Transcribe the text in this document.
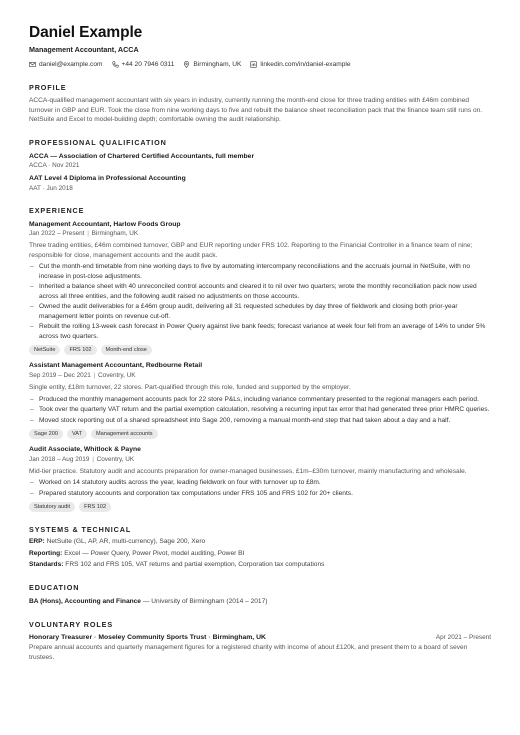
Daniel Example
Management Accountant, ACCA
daniel@example.com	+44 20 7946 0311	Birmingham, UK	linkedin.com/in/daniel-example
PROFILE
ACCA-qualified management accountant with six years in industry, currently running the month-end close for three trading entities with £46m combined turnover in GBP and EUR. Took the close from nine working days to five and rebuilt the balance sheet reconciliation pack that the finance team still runs on. NetSuite and Excel to model-building depth; comfortable owning the audit relationship.
PROFESSIONAL QUALIFICATION
ACCA — Association of Chartered Certified Accountants, full member
ACCA · Nov 2021
AAT Level 4 Diploma in Professional Accounting
AAT · Jun 2018
EXPERIENCE
Management Accountant, Harlow Foods Group
Jan 2022 – Present | Birmingham, UK
Three trading entities, £46m combined turnover, GBP and EUR reporting under FRS 102. Reporting to the Financial Controller in a finance team of nine; responsible for close, management accounts and the audit pack.
– Cut the month-end timetable from nine working days to five by automating intercompany reconciliations and the accruals journal in NetSuite, with no increase in post-close adjustments.
– Inherited a balance sheet with 40 unreconciled control accounts and cleared it to nil over two quarters; wrote the monthly reconciliation pack now used across all three entities, and the following audit raised no adjustments on those accounts.
– Owned the audit deliverables for a £46m group audit, delivering all 31 requested schedules by day three of fieldwork and closing both prior-year management letter points on revenue cut-off.
– Rebuilt the rolling 13-week cash forecast in Power Query against live bank feeds; forecast variance at week four fell from an average of 14% to under 5% across two quarters.
NetSuite	FRS 102	Month-end close
Assistant Management Accountant, Redbourne Retail
Sep 2019 – Dec 2021 | Coventry, UK
Single entity, £18m turnover, 22 stores. Part-qualified through this role, funded and supported by the employer.
– Produced the monthly management accounts pack for 22 store P&Ls, including variance commentary presented to the regional managers each period.
– Took over the quarterly VAT return and the partial exemption calculation, resolving a recurring input tax error that had generated three prior HMRC queries.
– Moved stock reporting out of a shared spreadsheet into Sage 200, removing a manual month-end step that had taken about a day and a half.
Sage 200	VAT	Management accounts
Audit Associate, Whitlock & Payne
Jan 2018 – Aug 2019 | Coventry, UK
Mid-tier practice. Statutory audit and accounts preparation for owner-managed businesses, £1m–£30m turnover, mainly manufacturing and wholesale.
– Worked on 14 statutory audits across the year, leading fieldwork on four with turnover up to £8m.
– Prepared statutory accounts and corporation tax computations under FRS 105 and FRS 102 for 20+ clients.
Statutory audit	FRS 102
SYSTEMS & TECHNICAL
ERP: NetSuite (GL, AP, AR, multi-currency), Sage 200, Xero
Reporting: Excel — Power Query, Power Pivot, model auditing, Power BI
Standards: FRS 102 and FRS 105, VAT returns and partial exemption, Corporation tax computations
EDUCATION
BA (Hons), Accounting and Finance — University of Birmingham (2014 – 2017)
VOLUNTARY ROLES
Honorary Treasurer · Moseley Community Sports Trust · Birmingham, UK	Apr 2021 – Present
Prepare annual accounts and quarterly management figures for a registered charity with income of about £120k, and present them to a board of seven trustees.
